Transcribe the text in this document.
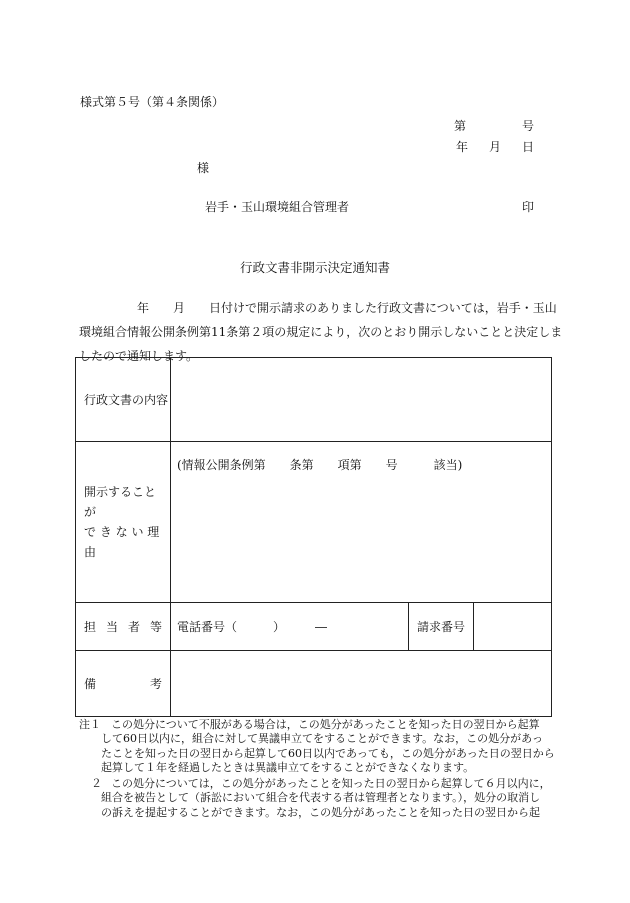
様式第５号（第４条関係）
第	号
年 月 日
様
岩手・玉山環境組合管理者	印
行政文書非開示決定通知書
年　　月　　日付けで開示請求のありました行政文書については，岩手・玉山
環境組合情報公開条例第11条第２項の規定により，次のとおり開示しないことと決定しま
したので通知します。
行政文書の内容			

開示することが
で き な い 理 由	(情報公開条例第　　条第　　項第　　号　　　該当)		
担当者等	電話番号（　　　）　　　―	請求番号	
備考			
注１ この処分について不服がある場合は，この処分があったことを知った日の翌日から起算
して60日以内に，組合に対して異議申立てをすることができます。なお，この処分があっ
たことを知った日の翌日から起算して60日以内であっても，この処分があった日の翌日から
起算して１年を経過したときは異議申立てをすることができなくなります。
２ この処分については，この処分があったことを知った日の翌日から起算して６月以内に，
組合を被告として（訴訟において組合を代表する者は管理者となります。），処分の取消し
の訴えを提起することができます。なお，この処分があったことを知った日の翌日から起
